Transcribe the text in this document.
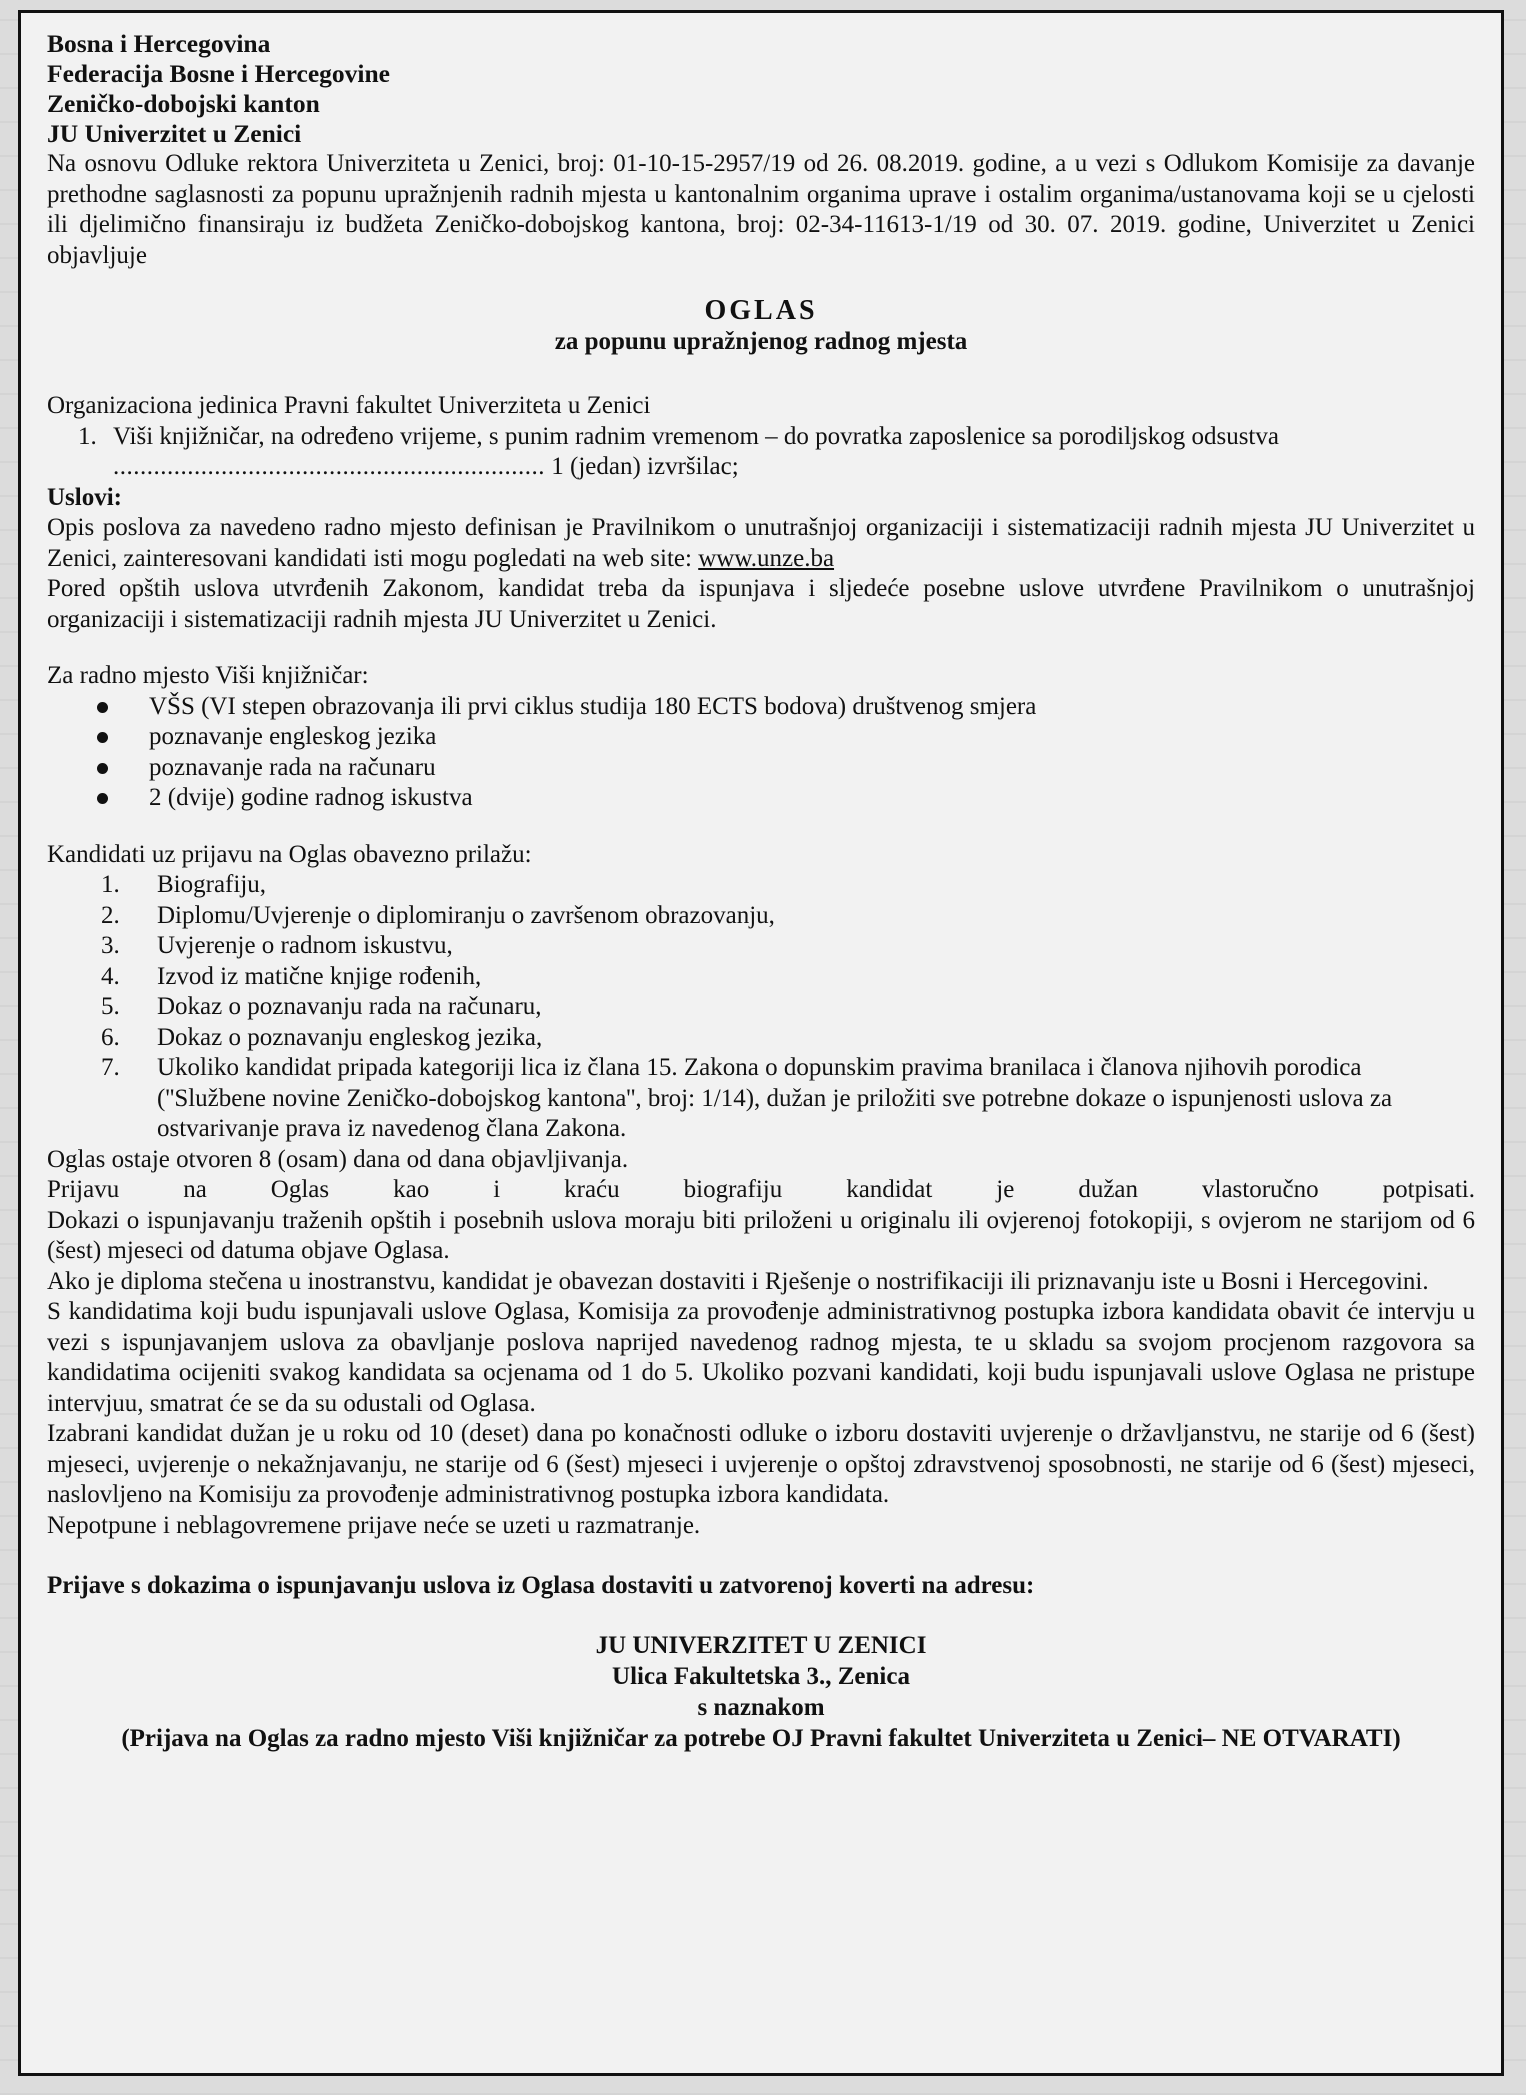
Bosna i Hercegovina

Federacija Bosne i Hercegovine

Zeničko-dobojski kanton

JU Univerzitet u Zenici

Na osnovu Odluke rektora Univerziteta u Zenici, broj: 01-10-15-2957/19 od 26. 08.2019. godine, a u vezi s Odlukom Komisije za davanje prethodne saglasnosti za popunu upražnjenih radnih mjesta u kantonalnim organima uprave i ostalim organima/ustanovama koji se u cjelosti ili djelimično finansiraju iz budžeta Zeničko-dobojskog kantona, broj: 02-34-11613-1/19 od 30. 07. 2019. godine, Univerzitet u Zenici objavljuje

OGLAS

za popunu upražnjenog radnog mjesta

Organizaciona jedinica Pravni fakultet Univerziteta u Zenici

1. Viši knjižničar, na određeno vrijeme, s punim radnim vremenom – do povratka zaposlenice sa porodiljskog odsustva ................................................................ 1 (jedan) izvršilac;

Uslovi:

Opis poslova za navedeno radno mjesto definisan je Pravilnikom o unutrašnjoj organizaciji i sistematizaciji radnih mjesta JU Univerzitet u Zenici, zainteresovani kandidati isti mogu pogledati na web site: www.unze.ba

Pored opštih uslova utvrđenih Zakonom, kandidat treba da ispunjava i sljedeće posebne uslove utvrđene Pravilnikom o unutrašnjoj organizaciji i sistematizaciji radnih mjesta JU Univerzitet u Zenici.

Za radno mjesto Viši knjižničar:

VŠS (VI stepen obrazovanja ili prvi ciklus studija 180 ECTS bodova) društvenog smjera
poznavanje engleskog jezika
poznavanje rada na računaru
2 (dvije) godine radnog iskustva

Kandidati uz prijavu na Oglas obavezno prilažu:

1. Biografiju,
2. Diplomu/Uvjerenje o diplomiranju o završenom obrazovanju,
3. Uvjerenje o radnom iskustvu,
4. Izvod iz matične knjige rođenih,
5. Dokaz o poznavanju rada na računaru,
6. Dokaz o poznavanju engleskog jezika,
7. Ukoliko kandidat pripada kategoriji lica iz člana 15. Zakona o dopunskim pravima branilaca i članova njihovih porodica (''Službene novine Zeničko-dobojskog kantona'', broj: 1/14), dužan je priložiti sve potrebne dokaze o ispunjenosti uslova za ostvarivanje prava iz navedenog člana Zakona.

Oglas ostaje otvoren 8 (osam) dana od dana objavljivanja.

Prijavu na Oglas kao i kraću biografiju kandidat je dužan vlastoručno potpisati.

Dokazi o ispunjavanju traženih opštih i posebnih uslova moraju biti priloženi u originalu ili ovjerenoj fotokopiji, s ovjerom ne starijom od 6 (šest) mjeseci od datuma objave Oglasa.

Ako je diploma stečena u inostranstvu, kandidat je obavezan dostaviti i Rješenje o nostrifikaciji ili priznavanju iste u Bosni i Hercegovini.

S kandidatima koji budu ispunjavali uslove Oglasa, Komisija za provođenje administrativnog postupka izbora kandidata obavit će intervju u vezi s ispunjavanjem uslova za obavljanje poslova naprijed navedenog radnog mjesta, te u skladu sa svojom procjenom razgovora sa kandidatima ocijeniti svakog kandidata sa ocjenama od 1 do 5. Ukoliko pozvani kandidati, koji budu ispunjavali uslove Oglasa ne pristupe intervjuu, smatrat će se da su odustali od Oglasa.

Izabrani kandidat dužan je u roku od 10 (deset) dana po konačnosti odluke o izboru dostaviti uvjerenje o državljanstvu, ne starije od 6 (šest) mjeseci, uvjerenje o nekažnjavanju, ne starije od 6 (šest) mjeseci i uvjerenje o opštoj zdravstvenoj sposobnosti, ne starije od 6 (šest) mjeseci, naslovljeno na Komisiju za provođenje administrativnog postupka izbora kandidata.

Nepotpune i neblagovremene prijave neće se uzeti u razmatranje.

Prijave s dokazima o ispunjavanju uslova iz Oglasa dostaviti u zatvorenoj koverti na adresu:

JU UNIVERZITET U ZENICI

Ulica Fakultetska 3., Zenica

s naznakom

(Prijava na Oglas za radno mjesto Viši knjižničar za potrebe OJ Pravni fakultet Univerziteta u Zenici– NE OTVARATI)
